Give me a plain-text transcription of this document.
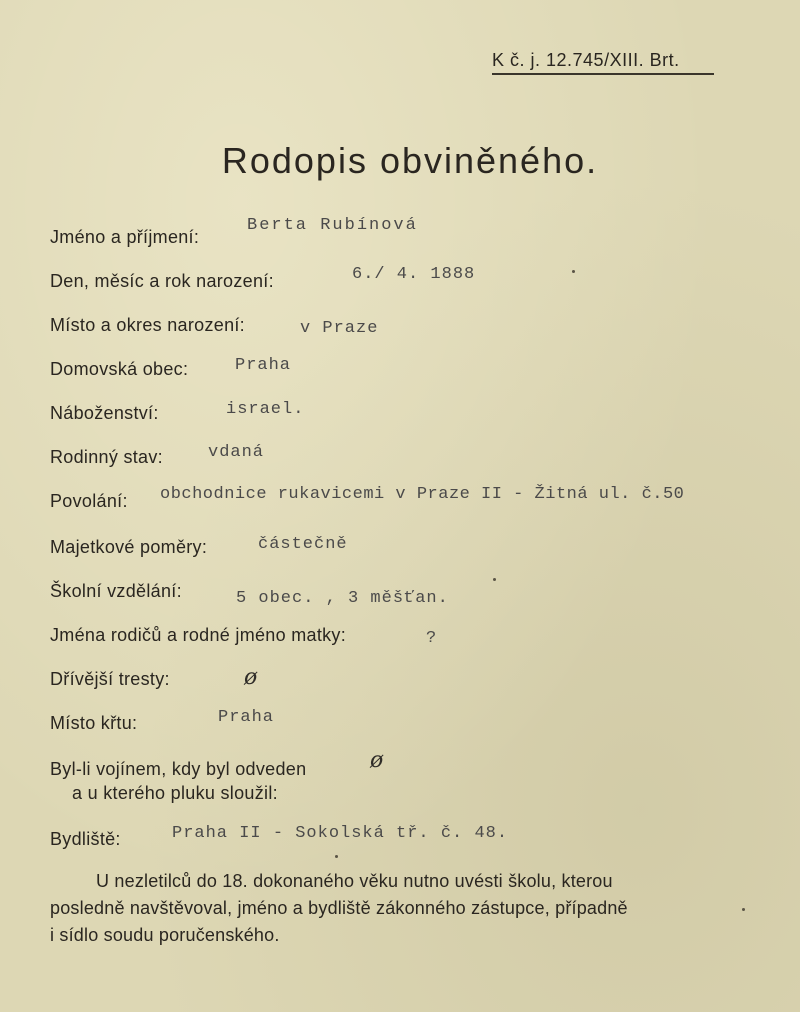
K č. j. 12.745/XIII. Brt.
Rodopis obviněného.
Jméno a příjmení:
Berta Rubínová
Den, měsíc a rok narození:	6./ 4. 1888
Místo a okres narození:	v Praze
Domovská obec:	Praha
Náboženství:	israel.
Rodinný stav:	vdaná
Povolání: obchodnice rukavicemi v Praze II - Žitná ul. č.50
Majetkové poměry:	částečně
Školní vzdělání:	5 obec. , 3 měšťan.
Jména rodičů a rodné jméno matky:	?
Dřívější tresty:	ø
Místo křtu:	Praha
Byl-li vojínem, kdy byl odveden	ø
a u kterého pluku sloužil:
Bydliště:	Praha II - Sokolská tř. č. 48.
U nezletilců do 18. dokonaného věku nutno uvésti školu, kterou
posledně navštěvoval, jméno a bydliště zákonného zástupce, případně
i sídlo soudu poručenského.
